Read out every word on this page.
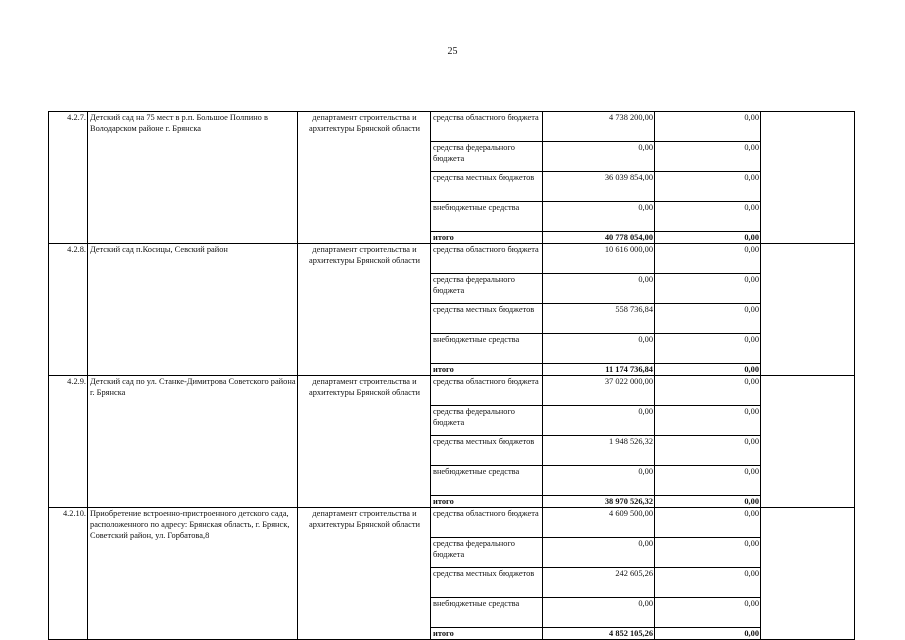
25
4.2.7.	Детский сад на 75 мест в р.п. Большое Полпино в Володарском районе г. Брянска	департамент строительства и архитектуры Брянской области	средства областного бюджета	4 738 200,00	0,00	
			средства федерального бюджета	0,00	0,00	
			средства местных бюджетов	36 039 854,00	0,00	
			внебюджетные средства	0,00	0,00	
			итого	40 778 054,00	0,00	
4.2.8.	Детский сад п.Косицы, Севский район	департамент строительства и архитектуры Брянской области	средства областного бюджета	10 616 000,00	0,00	
			средства федерального бюджета	0,00	0,00	
			средства местных бюджетов	558 736,84	0,00	
			внебюджетные средства	0,00	0,00	
			итого	11 174 736,84	0,00	
4.2.9.	Детский сад по ул. Станке-Димитрова Советского района г. Брянска	департамент строительства и архитектуры Брянской области	средства областного бюджета	37 022 000,00	0,00	
			средства федерального бюджета	0,00	0,00	
			средства местных бюджетов	1 948 526,32	0,00	
			внебюджетные средства	0,00	0,00	
			итого	38 970 526,32	0,00	
4.2.10.	Приобретение встроенно-пристроенного детского сада, расположенного по адресу: Брянская область, г. Брянск, Советский район, ул. Горбатова,8	департамент строительства и архитектуры Брянской области	средства областного бюджета	4 609 500,00	0,00	
			средства федерального бюджета	0,00	0,00	
			средства местных бюджетов	242 605,26	0,00	
			внебюджетные средства	0,00	0,00	
			итого	4 852 105,26	0,00	
